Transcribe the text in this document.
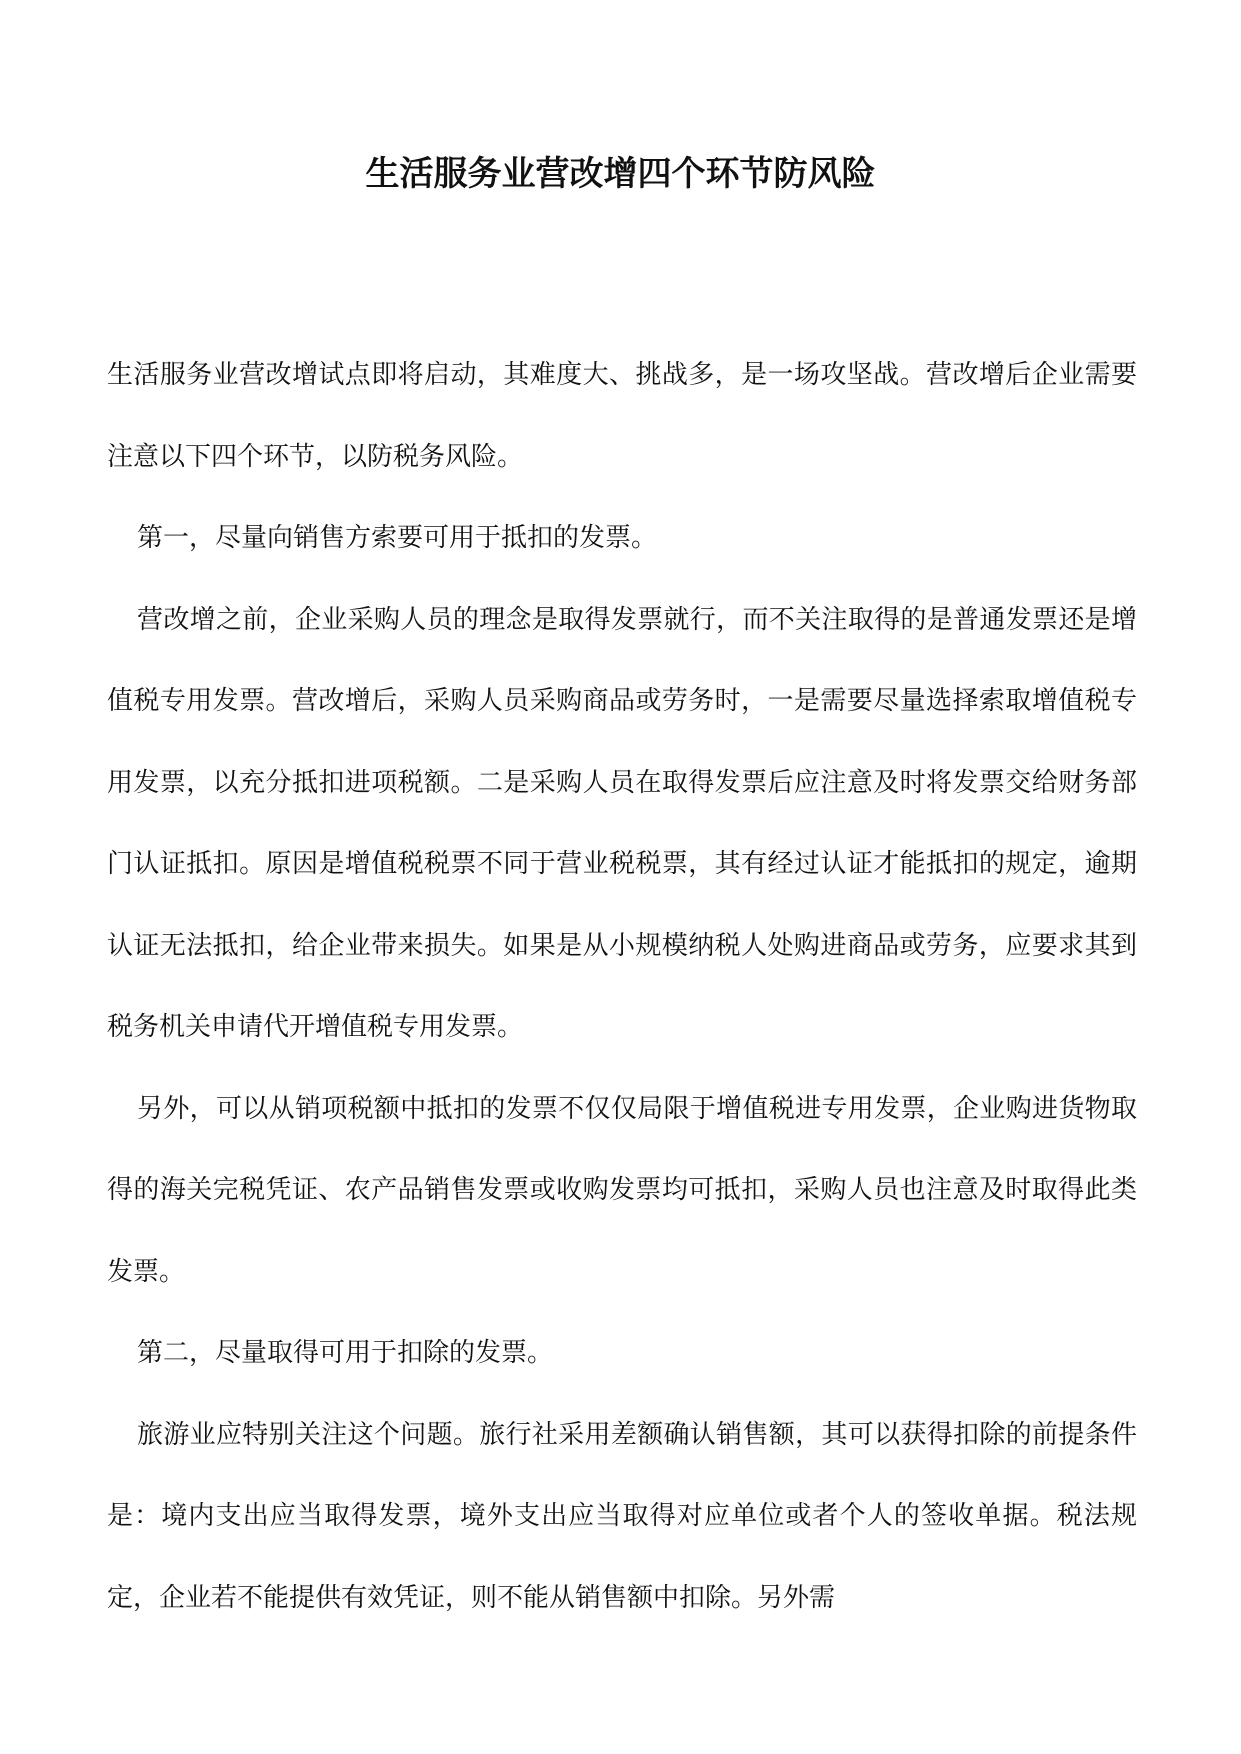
生活服务业营改增四个环节防风险

生活服务业营改增试点即将启动，其难度大、挑战多，是一场攻坚战。营改增后企业需要注意以下四个环节，以防税务风险。

第一，尽量向销售方索要可用于抵扣的发票。

营改增之前，企业采购人员的理念是取得发票就行，而不关注取得的是普通发票还是增值税专用发票。营改增后，采购人员采购商品或劳务时，一是需要尽量选择索取增值税专用发票，以充分抵扣进项税额。二是采购人员在取得发票后应注意及时将发票交给财务部门认证抵扣。原因是增值税税票不同于营业税税票，其有经过认证才能抵扣的规定，逾期认证无法抵扣，给企业带来损失。如果是从小规模纳税人处购进商品或劳务，应要求其到税务机关申请代开增值税专用发票。

另外，可以从销项税额中抵扣的发票不仅仅局限于增值税进专用发票，企业购进货物取得的海关完税凭证、农产品销售发票或收购发票均可抵扣，采购人员也注意及时取得此类发票。

第二，尽量取得可用于扣除的发票。

旅游业应特别关注这个问题。旅行社采用差额确认销售额，其可以获得扣除的前提条件是：境内支出应当取得发票，境外支出应当取得对应单位或者个人的签收单据。税法规定，企业若不能提供有效凭证，则不能从销售额中扣除。另外需
